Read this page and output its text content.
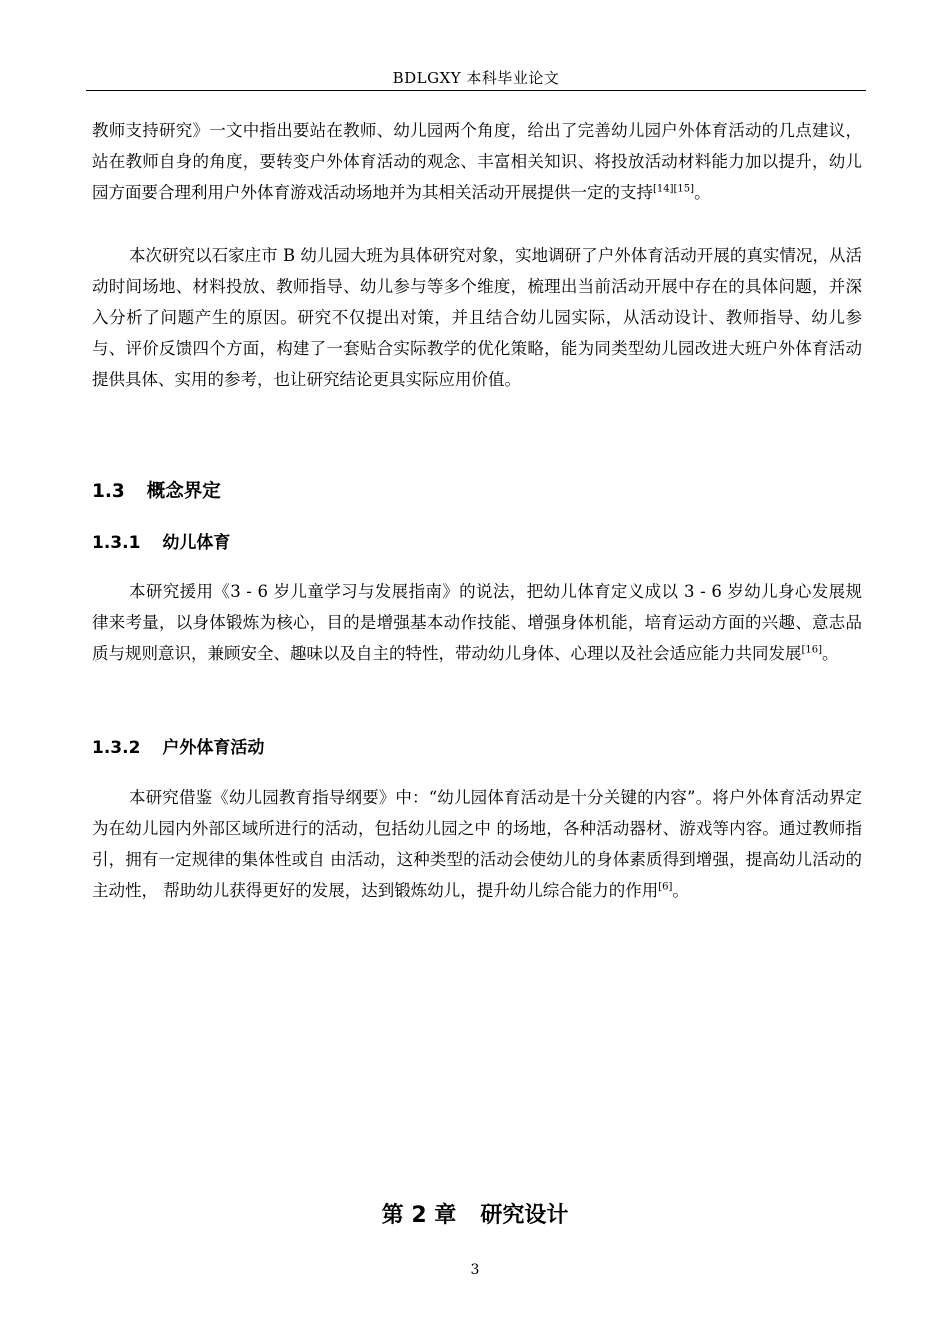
BDLGXY 本科毕业论文

教师支持研究》一文中指出要站在教师、幼儿园两个角度，给出了完善幼儿园户外体育活动的几点建议，站在教师自身的角度，要转变户外体育活动的观念、丰富相关知识、将投放活动材料能力加以提升，幼儿园方面要合理利用户外体育游戏活动场地并为其相关活动开展提供一定的支持[14][15]。

本次研究以石家庄市 B 幼儿园大班为具体研究对象，实地调研了户外体育活动开展的真实情况，从活动时间场地、材料投放、教师指导、幼儿参与等多个维度，梳理出当前活动开展中存在的具体问题，并深入分析了问题产生的原因。研究不仅提出对策，并且结合幼儿园实际，从活动设计、教师指导、幼儿参与、评价反馈四个方面，构建了一套贴合实际教学的优化策略，能为同类型幼儿园改进大班户外体育活动提供具体、实用的参考，也让研究结论更具实际应用价值。

1.3 概念界定
1.3.1 幼儿体育

本研究援用《3 - 6 岁儿童学习与发展指南》的说法，把幼儿体育定义成以 3 - 6 岁幼儿身心发展规律来考量，以身体锻炼为核心，目的是增强基本动作技能、增强身体机能，培育运动方面的兴趣、意志品质与规则意识，兼顾安全、趣味以及自主的特性，带动幼儿身体、心理以及社会适应能力共同发展[16]。

1.3.2 户外体育活动

本研究借鉴《幼儿园教育指导纲要》中：“幼儿园体育活动是十分关键的内容”。将户外体育活动界定为在幼儿园内外部区域所进行的活动，包括幼儿园之中 的场地，各种活动器材、游戏等内容。通过教师指引，拥有一定规律的集体性或自 由活动，这种类型的活动会使幼儿的身体素质得到增强，提高幼儿活动的主动性， 帮助幼儿获得更好的发展，达到锻炼幼儿，提升幼儿综合能力的作用[6]。

第 2 章 研究设计
3
